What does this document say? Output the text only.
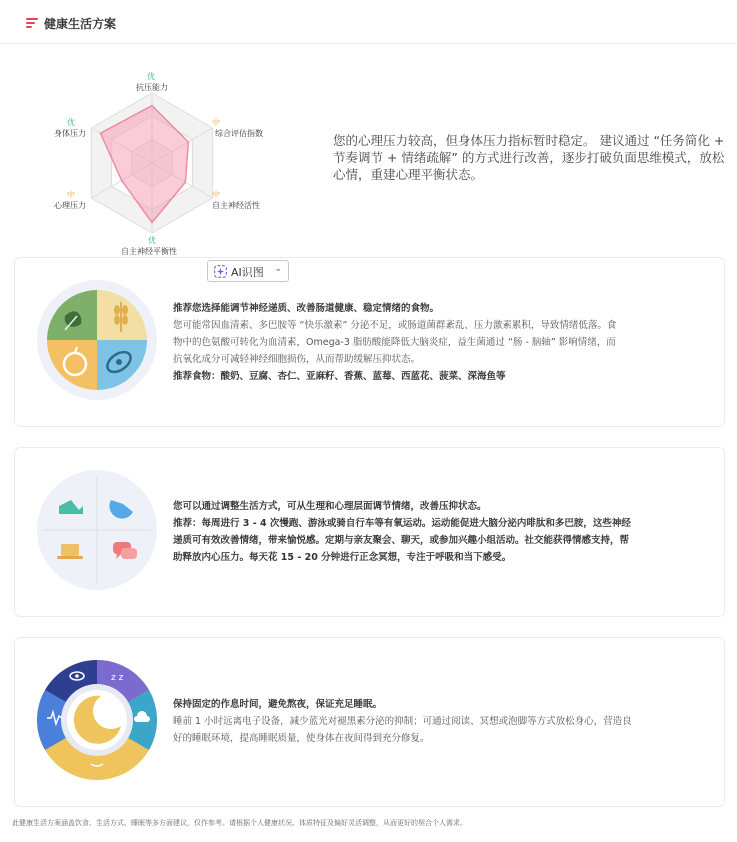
健康生活方案
优
抗压能力
中
综合评估指数
中
自主神经活性
优
自主神经平衡性
中
心理压力
优
身体压力	您的心理压力较高，但身体压力指标暂时稳定。 建议通过 “任务简化 + 节奏调节 + 情绪疏解” 的方式进行改善，逐步打破负面思维模式，放松心情，重建心理平衡状态。
推荐您选择能调节神经递质、改善肠道健康、稳定情绪的食物。
您可能常因血清素、多巴胺等 “快乐激素” 分泌不足，或肠道菌群紊乱、压力激素累积，导致情绪低落。食
物中的色氨酸可转化为血清素，Omega-3 脂肪酸能降低大脑炎症，益生菌通过 “肠 - 脑轴” 影响情绪，而
抗氧化成分可减轻神经细胞损伤，从而帮助缓解压抑状态。
推荐食物：酸奶、豆腐、杏仁、亚麻籽、香蕉、蓝莓、西蓝花、菠菜、深海鱼等
AI识图 ⌄
您可以通过调整生活方式，可从生理和心理层面调节情绪，改善压抑状态。
推荐：每周进行 3 - 4 次慢跑、游泳或骑自行车等有氧运动。运动能促进大脑分泌内啡肽和多巴胺，这些神经
递质可有效改善情绪，带来愉悦感。定期与亲友聚会、聊天，或参加兴趣小组活动。社交能获得情感支持，帮
助释放内心压力。每天花 15 - 20 分钟进行正念冥想，专注于呼吸和当下感受。
z z
保持固定的作息时间，避免熬夜，保证充足睡眠。
睡前 1 小时远离电子设备，减少蓝光对褪黑素分泌的抑制；可通过阅读、冥想或泡脚等方式放松身心，营造良
好的睡眠环境，提高睡眠质量，使身体在夜间得到充分修复。
此健康生活方案涵盖饮食、生活方式、睡眠等多方面建议，仅作参考。请根据个人健康状况、体质特征及偏好灵活调整，从而更好的契合个人需求。
